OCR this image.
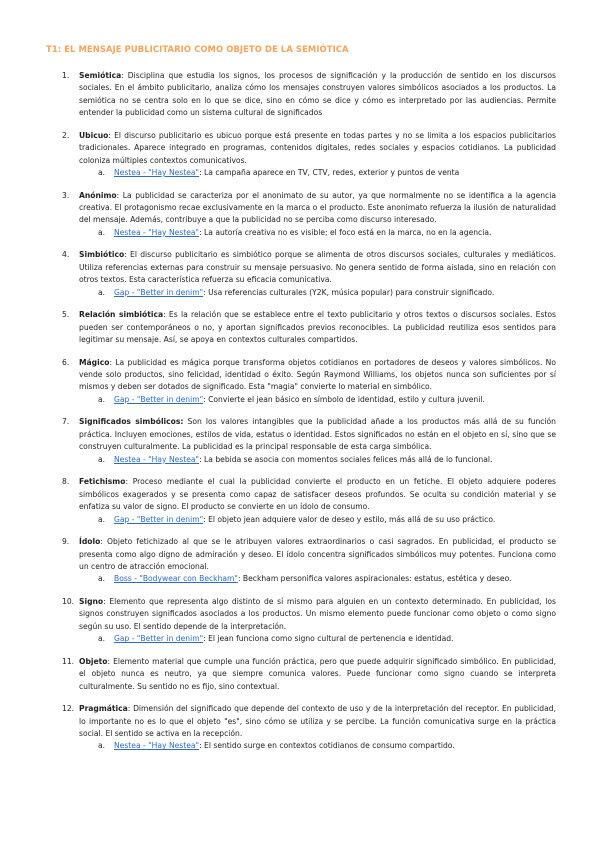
T1: EL MENSAJE PUBLICITARIO COMO OBJETO DE LA SEMIÓTICA
1. Semiótica: Disciplina que estudia los signos, los procesos de significación y la producción de sentido en los discursos sociales. En el ámbito publicitario, analiza cómo los mensajes construyen valores simbólicos asociados a los productos. La semiótica no se centra solo en lo que se dice, sino en cómo se dice y cómo es interpretado por las audiencias. Permite entender la publicidad como un sistema cultural de significados
2. Ubicuo: El discurso publicitario es ubicuo porque está presente en todas partes y no se limita a los espacios publicitarios tradicionales. Aparece integrado en programas, contenidos digitales, redes sociales y espacios cotidianos. La publicidad coloniza múltiples contextos comunicativos.
a. Nestea - "Hay Nestea": La campaña aparece en TV, CTV, redes, exterior y puntos de venta
3. Anónimo: La publicidad se caracteriza por el anonimato de su autor, ya que normalmente no se identifica a la agencia creativa. El protagonismo recae exclusivamente en la marca o el producto. Este anonimato refuerza la ilusión de naturalidad del mensaje. Además, contribuye a que la publicidad no se perciba como discurso interesado.
a. Nestea - "Hay Nestea": La autoría creativa no es visible; el foco está en la marca, no en la agencia.
4. Simbiótico: El discurso publicitario es simbiótico porque se alimenta de otros discursos sociales, culturales y mediáticos. Utiliza referencias externas para construir su mensaje persuasivo. No genera sentido de forma aislada, sino en relación con otros textos. Esta característica refuerza su eficacia comunicativa.
a. Gap - "Better in denim": Usa referencias culturales (Y2K, música popular) para construir significado.
5. Relación simbiótica: Es la relación que se establece entre el texto publicitario y otros textos o discursos sociales. Estos pueden ser contemporáneos o no, y aportan significados previos reconocibles. La publicidad reutiliza esos sentidos para legitimar su mensaje. Así, se apoya en contextos culturales compartidos.
6. Mágico: La publicidad es mágica porque transforma objetos cotidianos en portadores de deseos y valores simbólicos. No vende solo productos, sino felicidad, identidad o éxito. Según Raymond Williams, los objetos nunca son suficientes por sí mismos y deben ser dotados de significado. Esta "magia" convierte lo material en simbólico.
a. Gap - "Better in denim": Convierte el jean básico en símbolo de identidad, estilo y cultura juvenil.
7. Significados simbólicos: Son los valores intangibles que la publicidad añade a los productos más allá de su función práctica. Incluyen emociones, estilos de vida, estatus o identidad. Estos significados no están en el objeto en sí, sino que se construyen culturalmente. La publicidad es la principal responsable de esta carga simbólica.
a. Nestea - "Hay Nestea": La bebida se asocia con momentos sociales felices más allá de lo funcional.
8. Fetichismo: Proceso mediante el cual la publicidad convierte el producto en un fetiche. El objeto adquiere poderes simbólicos exagerados y se presenta como capaz de satisfacer deseos profundos. Se oculta su condición material y se enfatiza su valor de signo. El producto se convierte en un ídolo de consumo.
a. Gap - "Better in denim": El objeto jean adquiere valor de deseo y estilo, más allá de su uso práctico.
9. Ídolo: Objeto fetichizado al que se le atribuyen valores extraordinarios o casi sagrados. En publicidad, el producto se presenta como algo digno de admiración y deseo. El ídolo concentra significados simbólicos muy potentes. Funciona como un centro de atracción emocional.
a. Boss - "Bodywear con Beckham": Beckham personifica valores aspiracionales: estatus, estética y deseo.
10. Signo: Elemento que representa algo distinto de sí mismo para alguien en un contexto determinado. En publicidad, los signos construyen significados asociados a los productos. Un mismo elemento puede funcionar como objeto o como signo según su uso. El sentido depende de la interpretación.
a. Gap - "Better in denim": El jean funciona como signo cultural de pertenencia e identidad.
11. Objeto: Elemento material que cumple una función práctica, pero que puede adquirir significado simbólico. En publicidad, el objeto nunca es neutro, ya que siempre comunica valores. Puede funcionar como signo cuando se interpreta culturalmente. Su sentido no es fijo, sino contextual.
12. Pragmática: Dimensión del significado que depende del contexto de uso y de la interpretación del receptor. En publicidad, lo importante no es lo que el objeto "es", sino cómo se utiliza y se percibe. La función comunicativa surge en la práctica social. El sentido se activa en la recepción.
a. Nestea - "Hay Nestea": El sentido surge en contextos cotidianos de consumo compartido.
